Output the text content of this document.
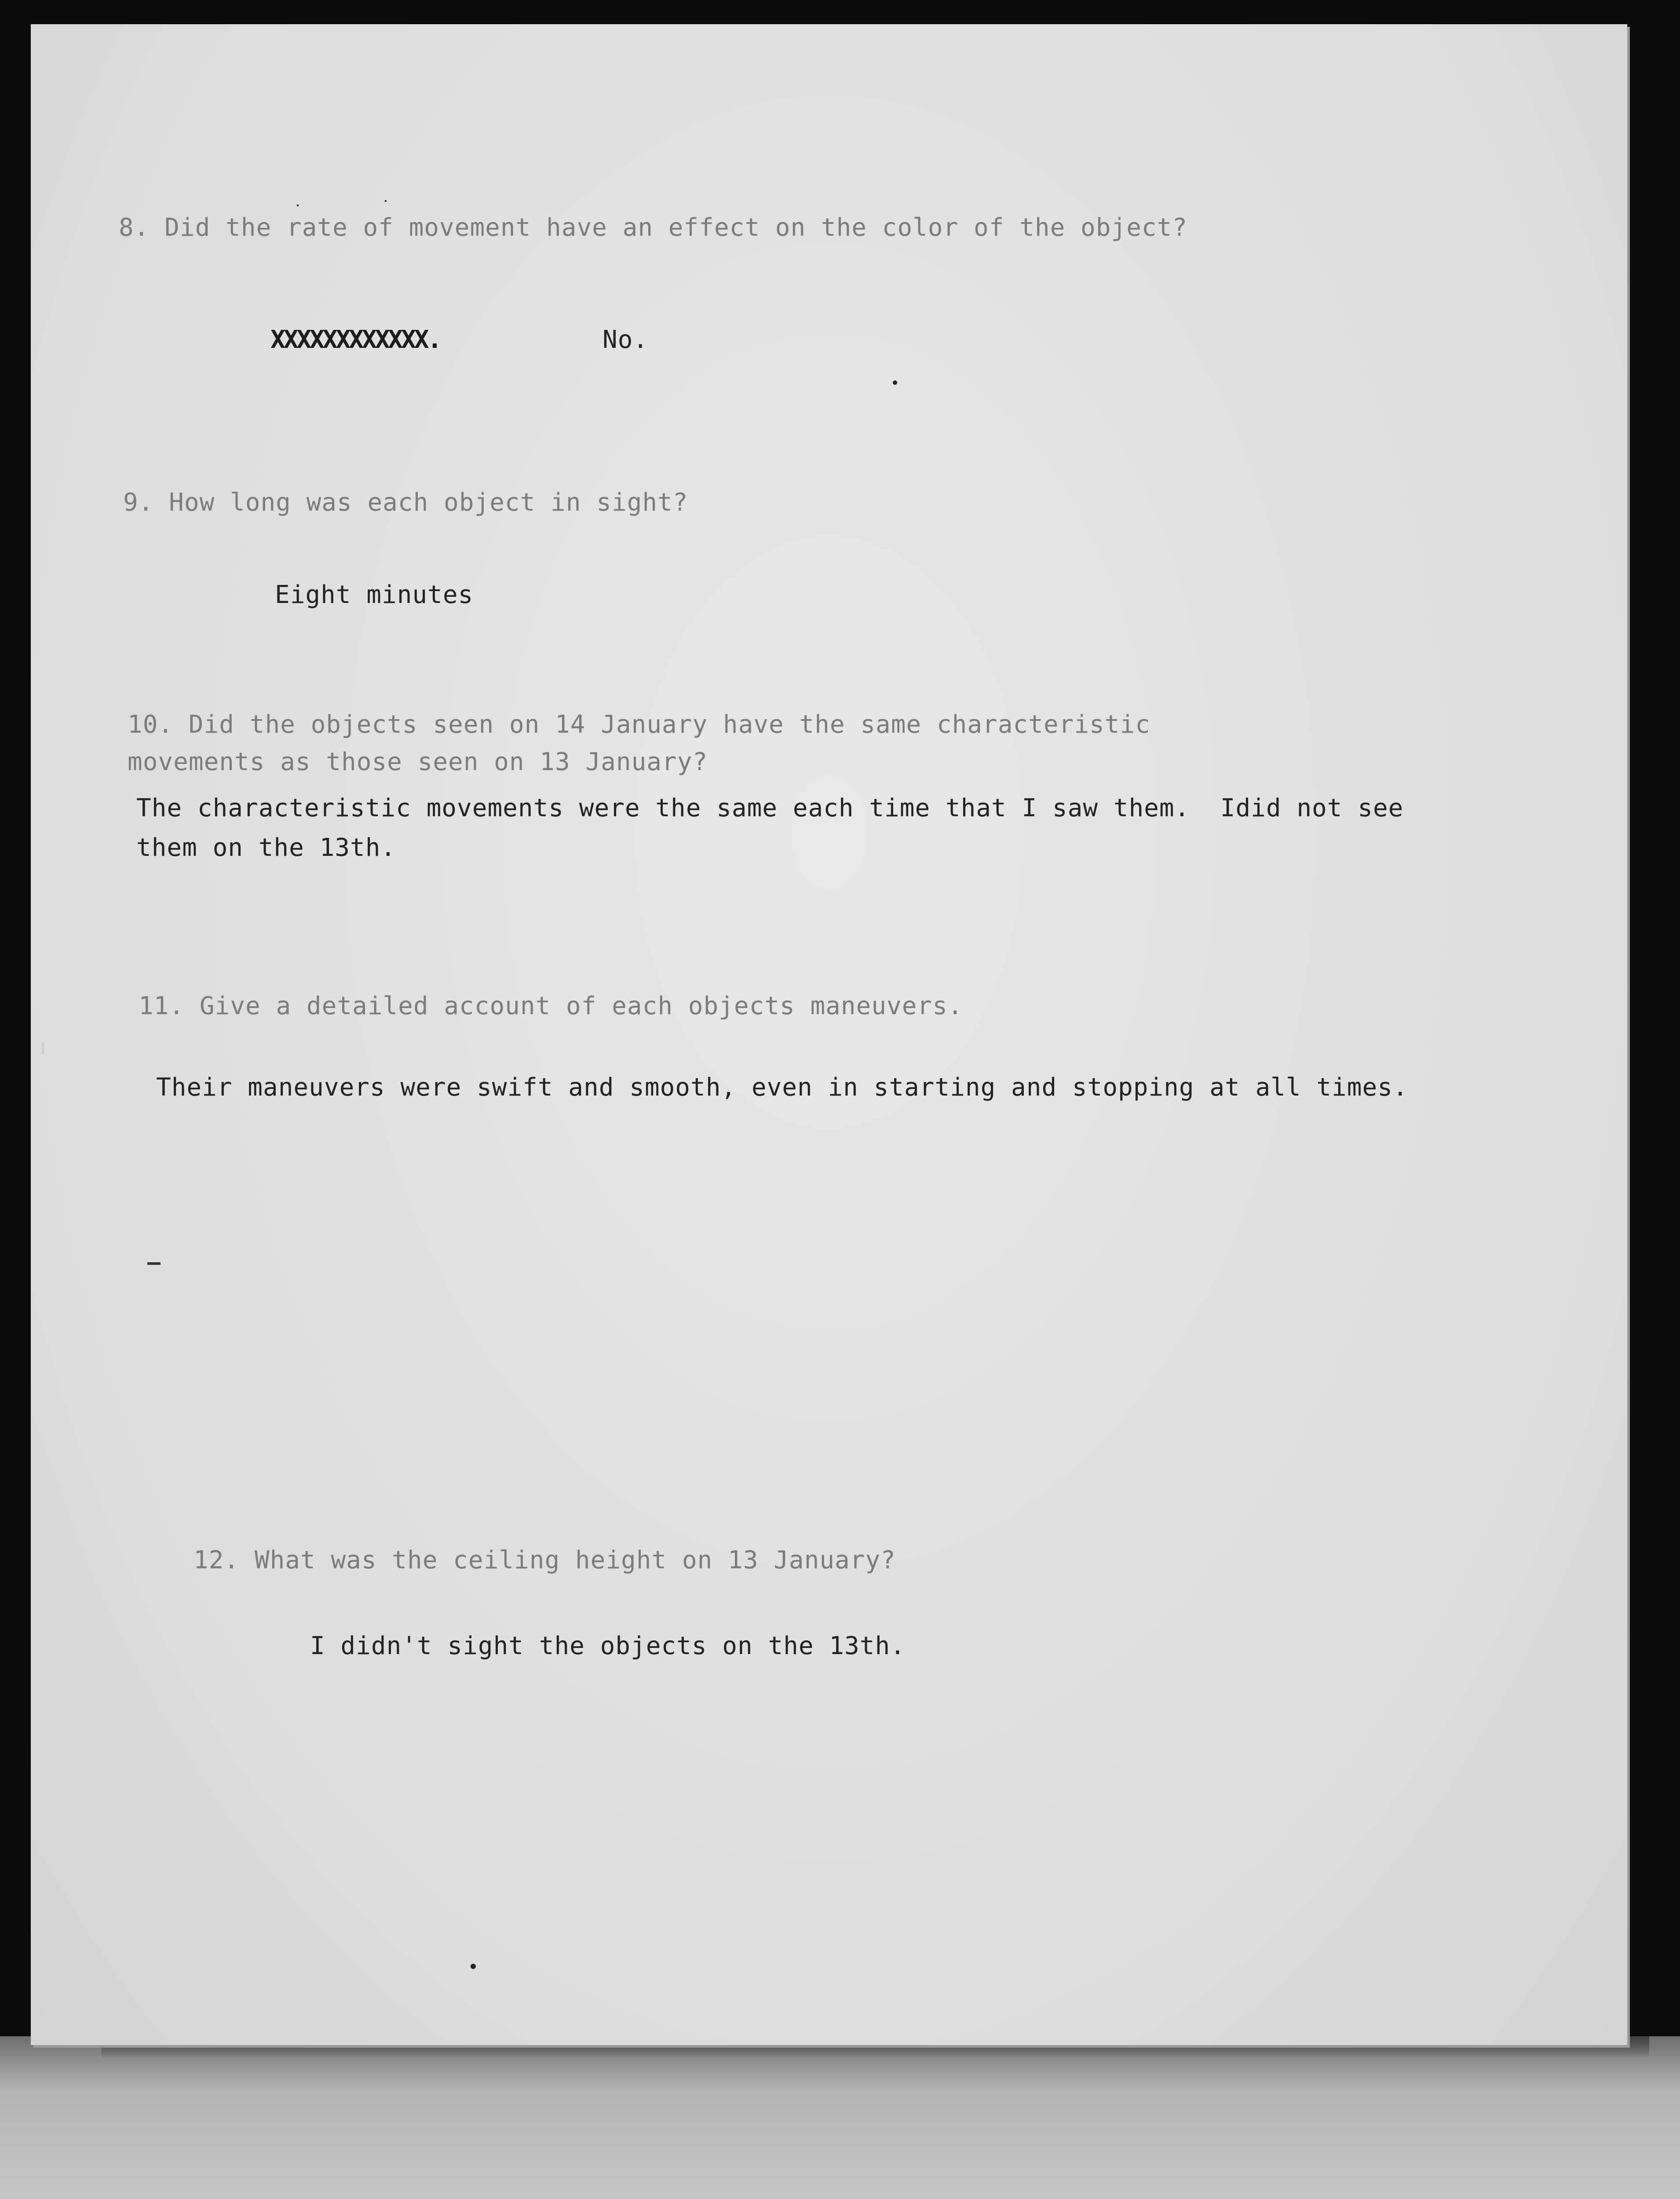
8. Did the rate of movement have an effect on the color of the object?

XXXXXXXXXXXX.	No.

9. How long was each object in sight?

Eight minutes

10. Did the objects seen on 14 January have the same characteristic

movements as those seen on 13 January?

The characteristic movements were the same each time that I saw them.  Idid not see

them on the 13th.

11. Give a detailed account of each objects maneuvers.

Their maneuvers were swift and smooth, even in starting and stopping at all times.

12. What was the ceiling height on 13 January?

I didn't sight the objects on the 13th.
